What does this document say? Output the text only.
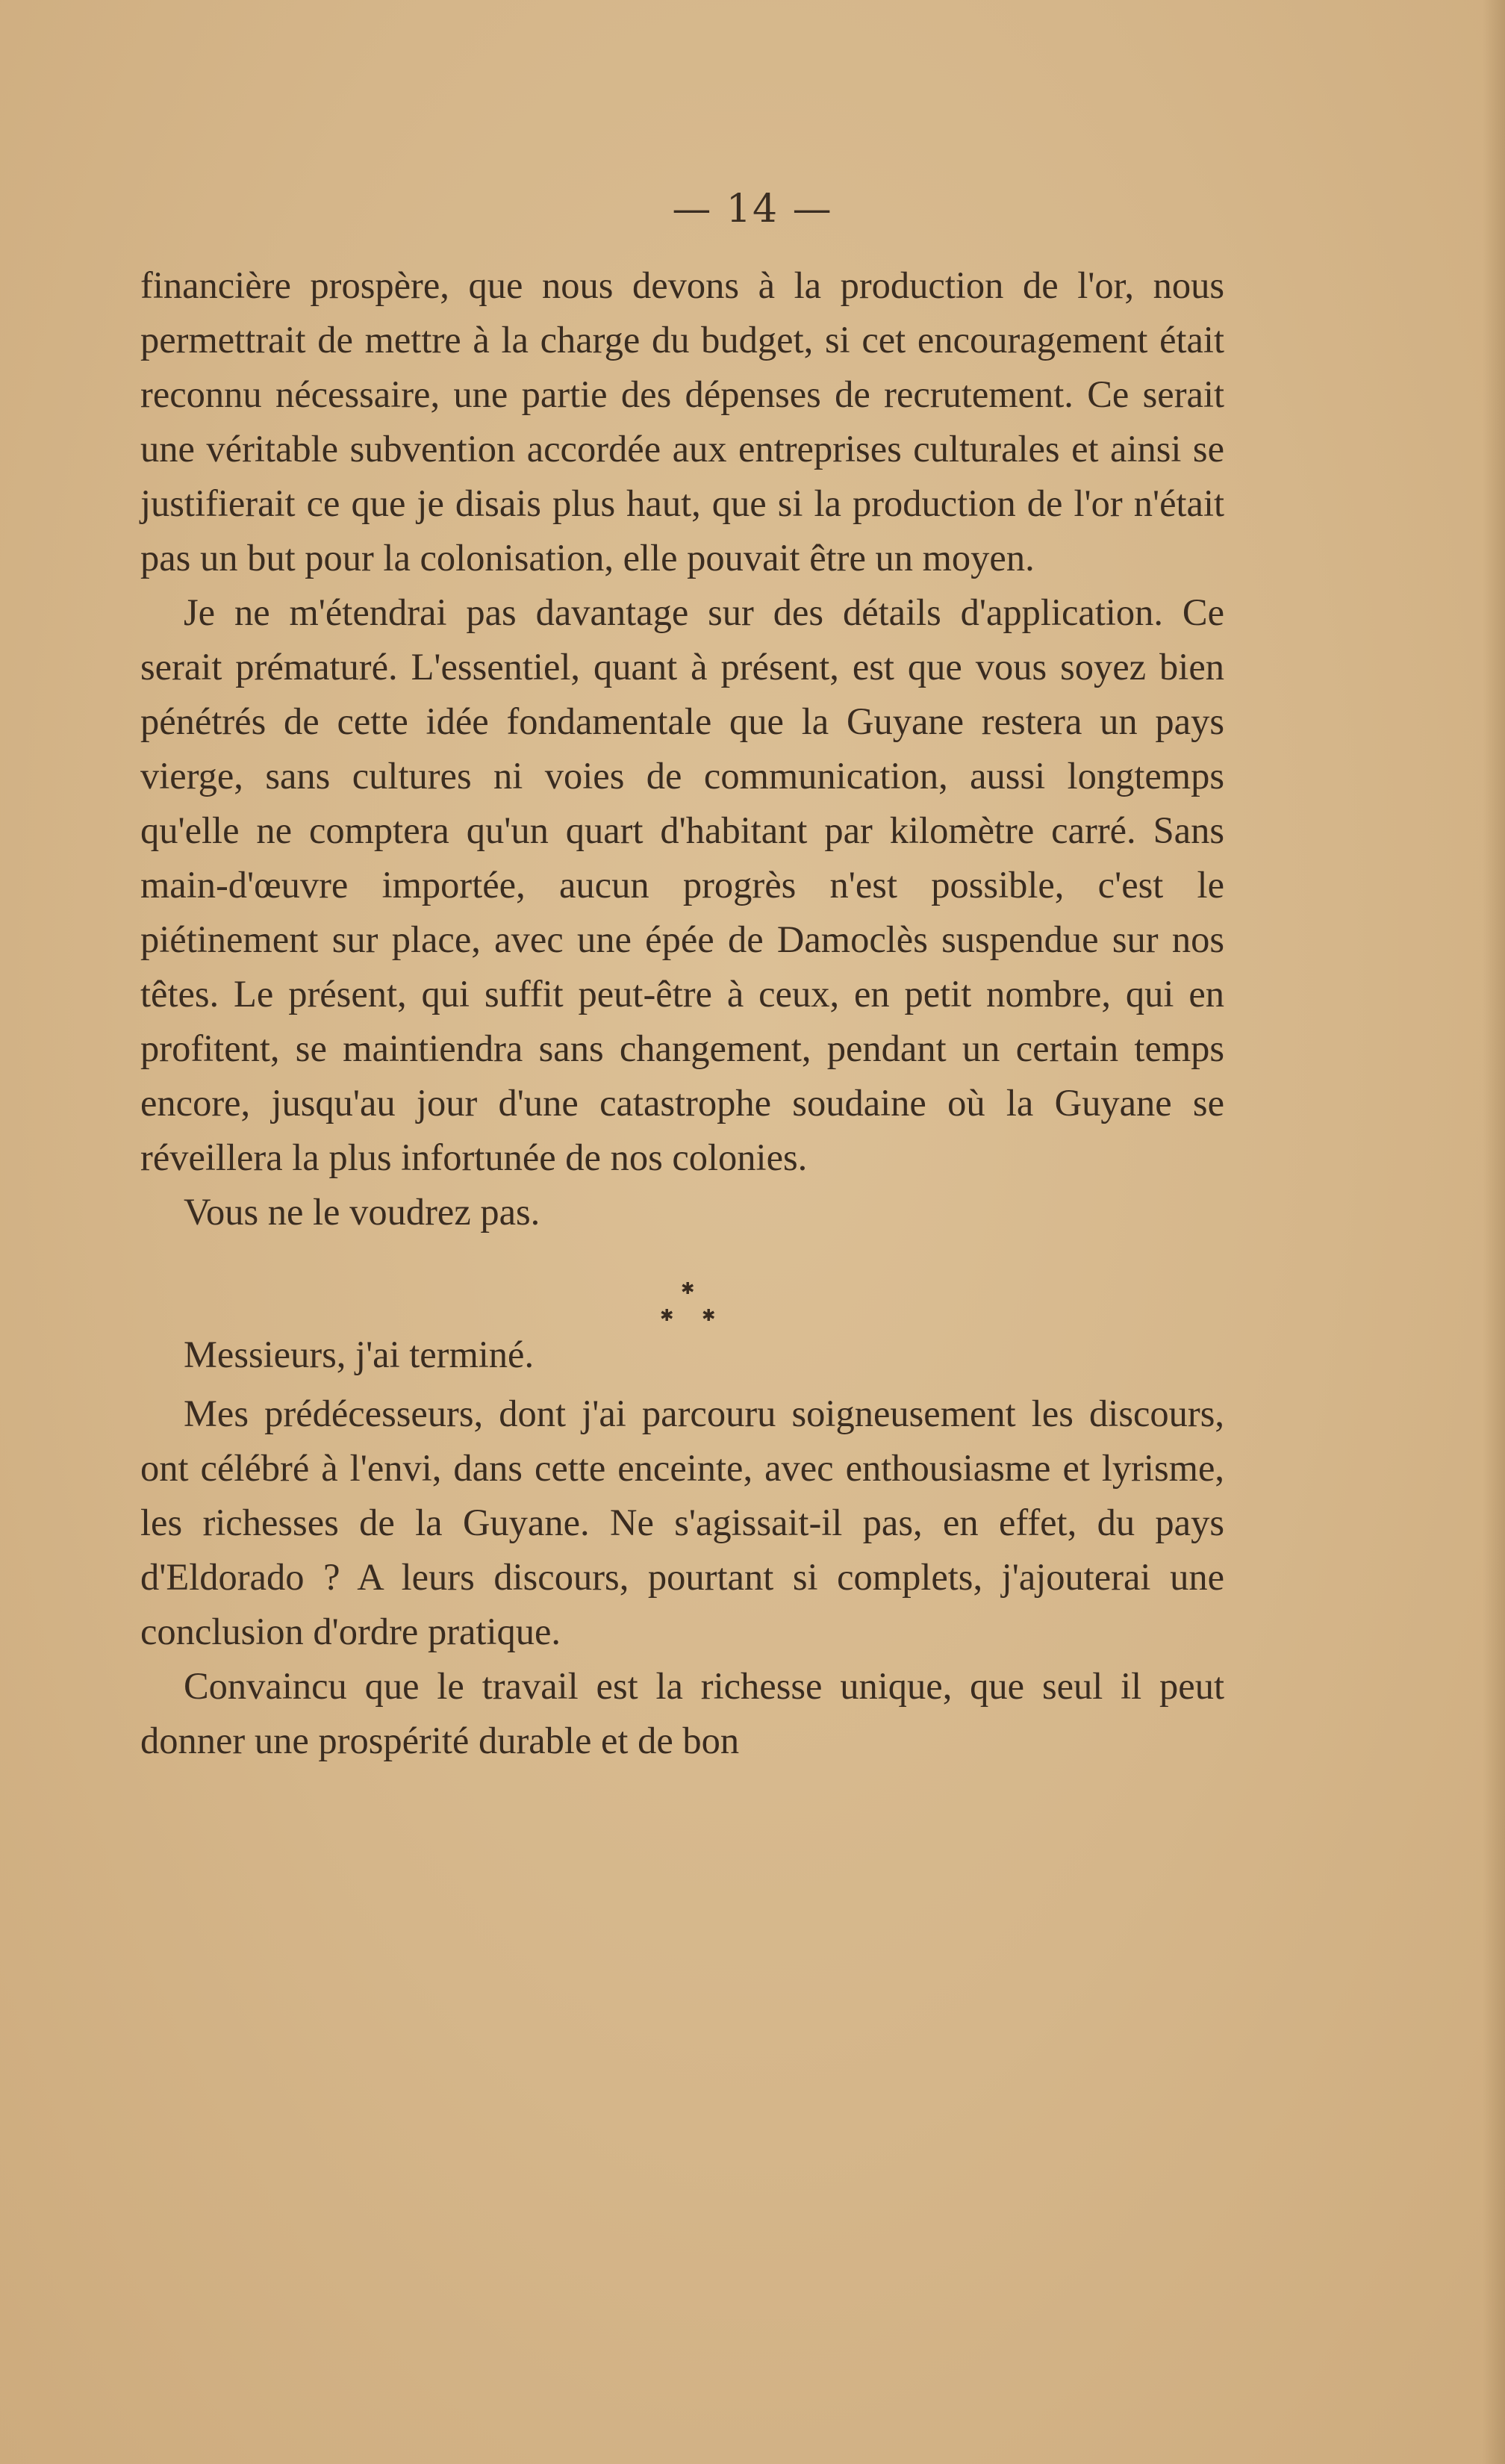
— 14 —

financière prospère, que nous devons à la production de l'or, nous permettrait de mettre à la charge du budget, si cet encouragement était reconnu nécessaire, une partie des dépenses de recrutement. Ce serait une véritable subvention accordée aux entreprises culturales et ainsi se justifierait ce que je disais plus haut, que si la production de l'or n'était pas un but pour la colonisation, elle pouvait être un moyen.

Je ne m'étendrai pas davantage sur des détails d'application. Ce serait prématuré. L'essentiel, quant à présent, est que vous soyez bien pénétrés de cette idée fondamentale que la Guyane restera un pays vierge, sans cultures ni voies de communication, aussi longtemps qu'elle ne comptera qu'un quart d'habitant par kilomètre carré. Sans main-d'œuvre importée, aucun progrès n'est possible, c'est le piétinement sur place, avec une épée de Damoclès suspendue sur nos têtes. Le présent, qui suffit peut-être à ceux, en petit nombre, qui en profitent, se maintiendra sans changement, pendant un certain temps encore, jusqu'au jour d'une catastrophe soudaine où la Guyane se réveillera la plus infortunée de nos colonies.

Vous ne le voudrez pas.

✱
✱ ✱

Messieurs, j'ai terminé.

Mes prédécesseurs, dont j'ai parcouru soigneusement les discours, ont célébré à l'envi, dans cette enceinte, avec enthousiasme et lyrisme, les richesses de la Guyane. Ne s'agissait-il pas, en effet, du pays d'Eldorado ? A leurs discours, pourtant si complets, j'ajouterai une conclusion d'ordre pratique.

Convaincu que le travail est la richesse unique, que seul il peut donner une prospérité durable et de bon
